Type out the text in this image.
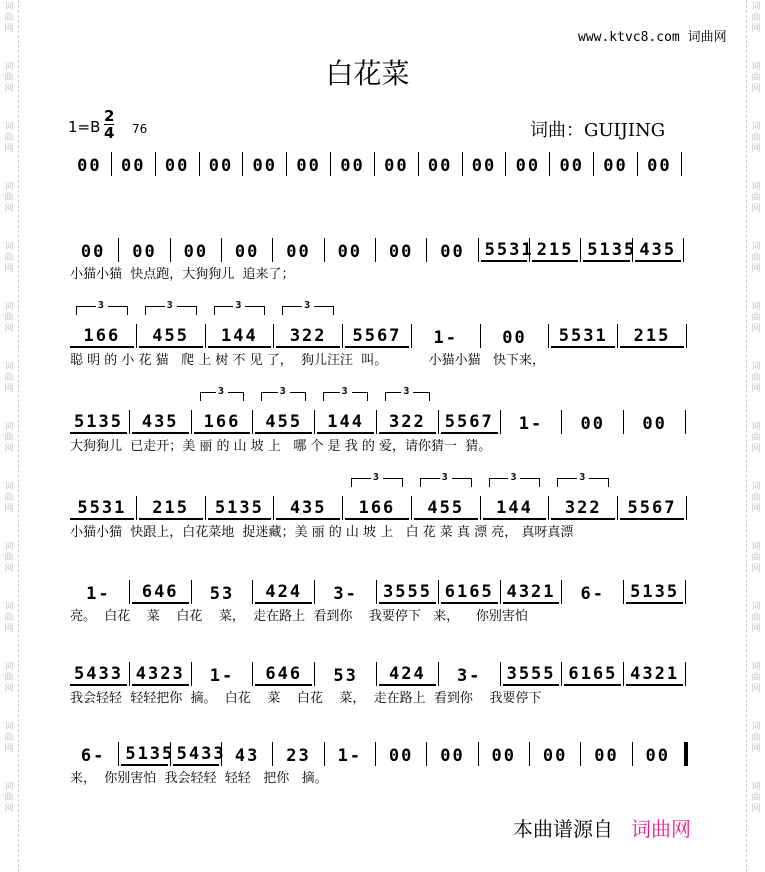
词
曲
网
词
曲
网
词
曲
网
词
曲
网
词
曲
网
词
曲
网
词
曲
网
词
曲
网
词
曲
网
词
曲
网
词
曲
网
词
曲
网
词
曲
网
词
曲
网
词
曲
网
词
曲
网
词
曲
网
词
曲
网
词
曲
网
词
曲
网
词
曲
网
词
曲
网
词
曲
网
词
曲
网
词
曲
网
词
曲
网
词
曲
网
词
曲
网
www.ktvc8.com 词曲网
白花菜
1=B
2
4 76	词曲：GUIJING
00	00	00	00	00	00	00	00	00	00	00	00	00	00
00	00	00	00	00	00	00	00	5531 215 5135 435
小猫小猫  快点跑，大狗狗儿  追来了；
166
3
455
3
144
3
322
3
5567	1-	00	5531	215
聪 明 的 小 花 猫   爬 上 树 不 见 了，  狗儿汪汪  叫。          小猫小猫   快下来，
5135	435	166
3
455
3
144
3
322
3
5567	1-	00	00
大狗狗儿  已走开；美 丽 的 山 坡 上   哪 个 是 我 的 爱，请你猜一  猜。
5531	215	5135	435	166
3
455
3
144
3
322
3
5567
小猫小猫  快跟上，白花菜地  捉迷藏；美 丽 的 山 坡 上   白 花 菜 真 漂 亮， 真呀真漂
1-	646	53	424	3-	3555 6165 4321	6-	5135
亮。  白花    菜    白花    菜，  走在路上  看到你    我要停下   来，    你别害怕
5433 4323	1-	646	53	424	3-	3555 6165 4321
我会轻轻  轻轻把你  摘。  白花    菜    白花    菜，  走在路上  看到你    我要停下
6-	5135 5433 43	23	1-	00	00	00	00	00	00
来，  你别害怕  我会轻轻  轻轻   把你   摘。
本曲谱源自 词曲网
